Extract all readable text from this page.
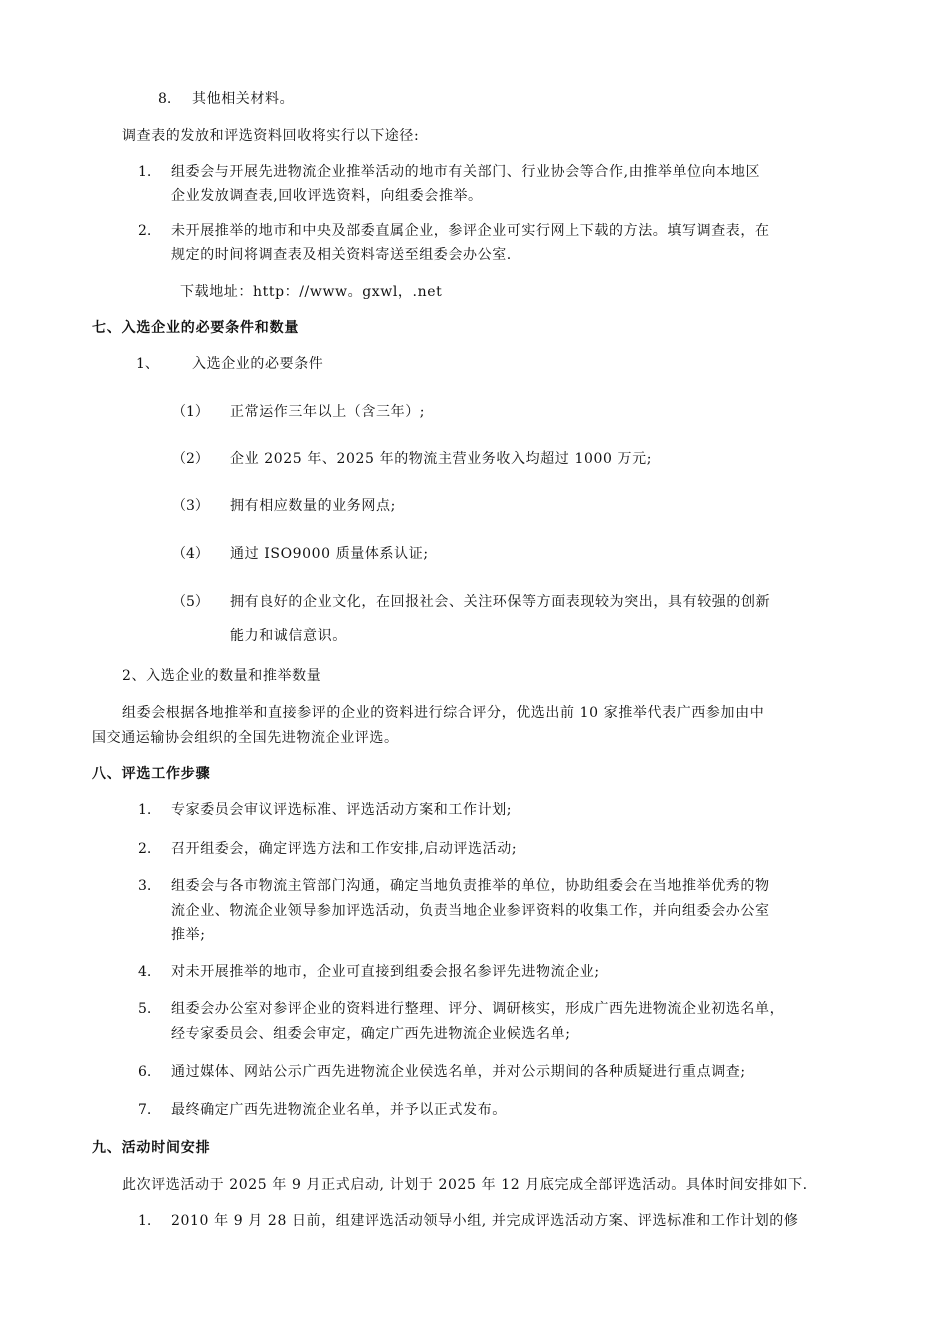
8. 其他相关材料。
调查表的发放和评选资料回收将实行以下途径:
1. 组委会与开展先进物流企业推举活动的地市有关部门、行业协会等合作,由推举单位向本地区
企业发放调查表,回收评选资料，向组委会推举。
2. 未开展推举的地市和中央及部委直属企业，参评企业可实行网上下载的方法。填写调查表，在
规定的时间将调查表及相关资料寄送至组委会办公室.
下载地址：http：//www。gxwl，.net
七、入选企业的必要条件和数量
1、 入选企业的必要条件
（1） 正常运作三年以上（含三年）;
（2） 企业 2025 年、2025 年的物流主营业务收入均超过 1000 万元;
（3） 拥有相应数量的业务网点;
（4） 通过 ISO9000 质量体系认证;
（5） 拥有良好的企业文化，在回报社会、关注环保等方面表现较为突出，具有较强的创新
能力和诚信意识。
2、入选企业的数量和推举数量
组委会根据各地推举和直接参评的企业的资料进行综合评分，优选出前 10 家推举代表广西参加由中
国交通运输协会组织的全国先进物流企业评选。
八、评选工作步骤
1. 专家委员会审议评选标准、评选活动方案和工作计划;
2. 召开组委会，确定评选方法和工作安排,启动评选活动;
3. 组委会与各市物流主管部门沟通，确定当地负责推举的单位，协助组委会在当地推举优秀的物
流企业、物流企业领导参加评选活动，负责当地企业参评资料的收集工作，并向组委会办公室
推举;
4. 对未开展推举的地市，企业可直接到组委会报名参评先进物流企业;
5. 组委会办公室对参评企业的资料进行整理、评分、调研核实，形成广西先进物流企业初选名单，
经专家委员会、组委会审定，确定广西先进物流企业候选名单;
6. 通过媒体、网站公示广西先进物流企业侯选名单，并对公示期间的各种质疑进行重点调查;
7. 最终确定广西先进物流企业名单，并予以正式发布。
九、活动时间安排
此次评选活动于 2025 年 9 月正式启动, 计划于 2025 年 12 月底完成全部评选活动。具体时间安排如下.
1. 2010 年 9 月 28 日前，组建评选活动领导小组, 并完成评选活动方案、评选标准和工作计划的修
